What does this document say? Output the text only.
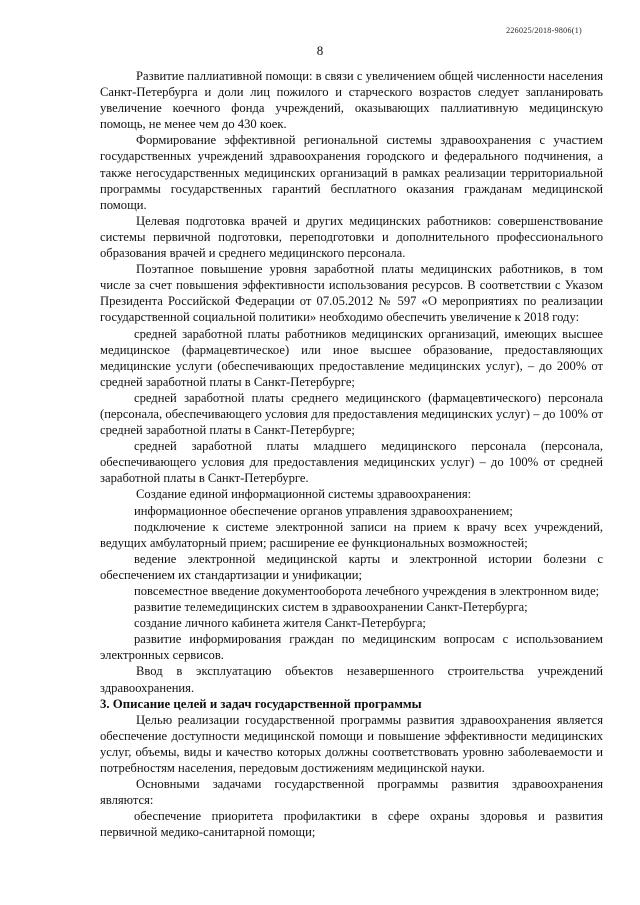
226025/2018-9806(1)
8

Развитие паллиативной помощи: в связи с увеличением общей численности населения Санкт-Петербурга и доли лиц пожилого и старческого возрастов следует запланировать увеличение коечного фонда учреждений, оказывающих паллиативную медицинскую помощь, не менее чем до 430 коек.

Формирование эффективной региональной системы здравоохранения с участием государственных учреждений здравоохранения городского и федерального подчинения, а также негосударственных медицинских организаций в рамках реализации территориальной программы государственных гарантий бесплатного оказания гражданам медицинской помощи.

Целевая подготовка врачей и других медицинских работников: совершенствование системы первичной подготовки, переподготовки и дополнительного профессионального образования врачей и среднего медицинского персонала.

Поэтапное повышение уровня заработной платы медицинских работников, в том числе за счет повышения эффективности использования ресурсов. В соответствии с Указом Президента Российской Федерации от 07.05.2012 № 597 «О мероприятиях по реализации государственной социальной политики» необходимо обеспечить увеличение к 2018 году:

средней заработной платы работников медицинских организаций, имеющих высшее медицинское (фармацевтическое) или иное высшее образование, предоставляющих медицинские услуги (обеспечивающих предоставление медицинских услуг), – до 200% от средней заработной платы в Санкт-Петербурге;

средней заработной платы среднего медицинского (фармацевтического) персонала (персонала, обеспечивающего условия для предоставления медицинских услуг) – до 100% от средней заработной платы в Санкт-Петербурге;

средней заработной платы младшего медицинского персонала (персонала, обеспечивающего условия для предоставления медицинских услуг) – до 100% от средней заработной платы в Санкт-Петербурге.

Создание единой информационной системы здравоохранения:

информационное обеспечение органов управления здравоохранением;

подключение к системе электронной записи на прием к врачу всех учреждений, ведущих амбулаторный прием; расширение ее функциональных возможностей;

ведение электронной медицинской карты и электронной истории болезни с обеспечением их стандартизации и унификации;

повсеместное введение документооборота лечебного учреждения в электронном виде;

развитие телемедицинских систем в здравоохранении Санкт-Петербурга;

создание личного кабинета жителя Санкт-Петербурга;

развитие информирования граждан по медицинским вопросам с использованием электронных сервисов.

Ввод в эксплуатацию объектов незавершенного строительства учреждений здравоохранения.

3. Описание целей и задач государственной программы

Целью реализации государственной программы развития здравоохранения является обеспечение доступности медицинской помощи и повышение эффективности медицинских услуг, объемы, виды и качество которых должны соответствовать уровню заболеваемости и потребностям населения, передовым достижениям медицинской науки.

Основными задачами государственной программы развития здравоохранения являются:

обеспечение приоритета профилактики в сфере охраны здоровья и развития первичной медико-санитарной помощи;
